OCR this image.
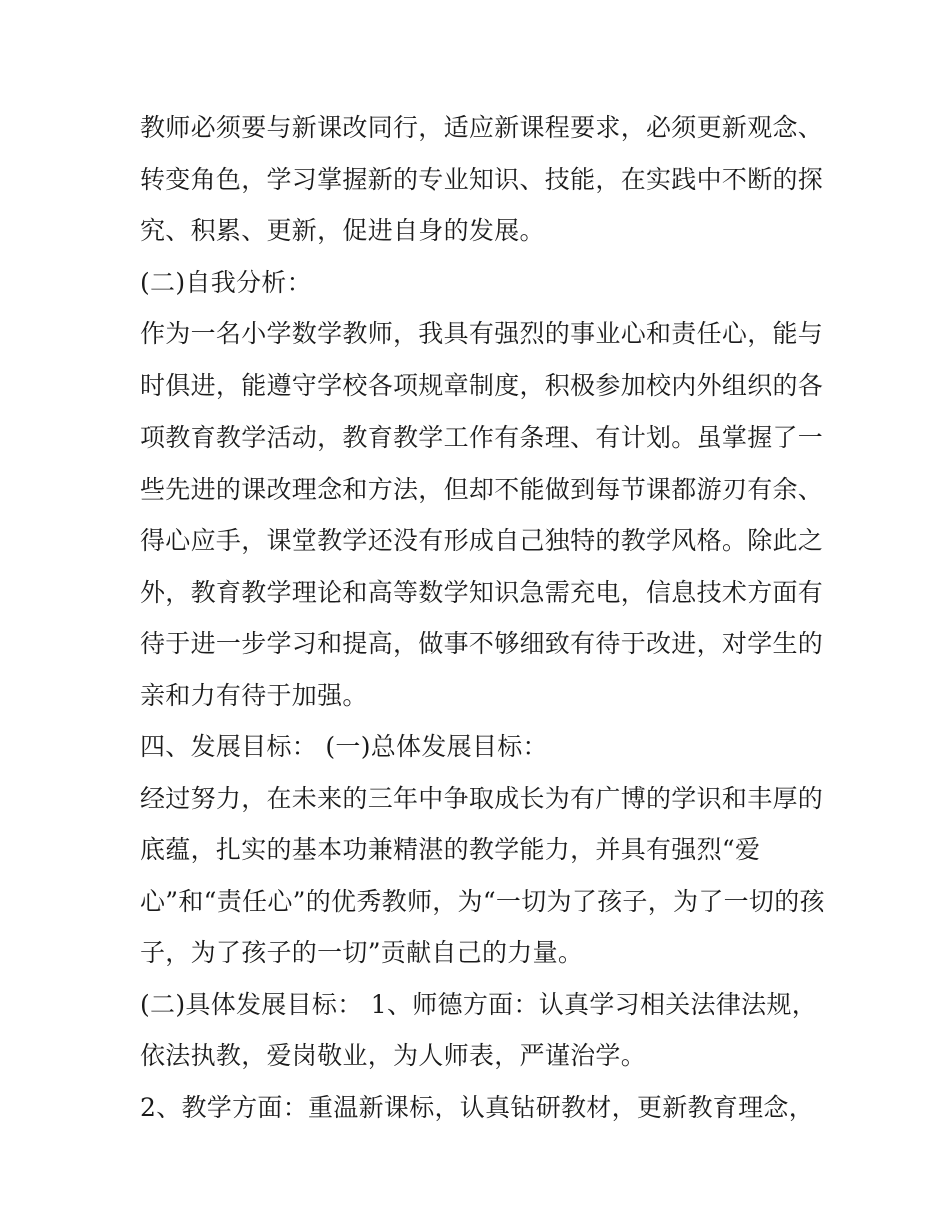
教师必须要与新课改同行，适应新课程要求，必须更新观念、
转变角色，学习掌握新的专业知识、技能，在实践中不断的探
究、积累、更新，促进自身的发展。
(二)自我分析：
作为一名小学数学教师，我具有强烈的事业心和责任心，能与
时俱进，能遵守学校各项规章制度，积极参加校内外组织的各
项教育教学活动，教育教学工作有条理、有计划。虽掌握了一
些先进的课改理念和方法，但却不能做到每节课都游刃有余、
得心应手，课堂教学还没有形成自己独特的教学风格。除此之
外，教育教学理论和高等数学知识急需充电，信息技术方面有
待于进一步学习和提高，做事不够细致有待于改进，对学生的
亲和力有待于加强。
四、发展目标： (一)总体发展目标：
经过努力，在未来的三年中争取成长为有广博的学识和丰厚的
底蕴，扎实的基本功兼精湛的教学能力，并具有强烈“爱
心”和“责任心”的优秀教师，为“一切为了孩子，为了一切的孩
子，为了孩子的一切”贡献自己的力量。
(二)具体发展目标： 1、师德方面：认真学习相关法律法规，
依法执教，爱岗敬业，为人师表，严谨治学。
2、教学方面：重温新课标，认真钻研教材，更新教育理念，
